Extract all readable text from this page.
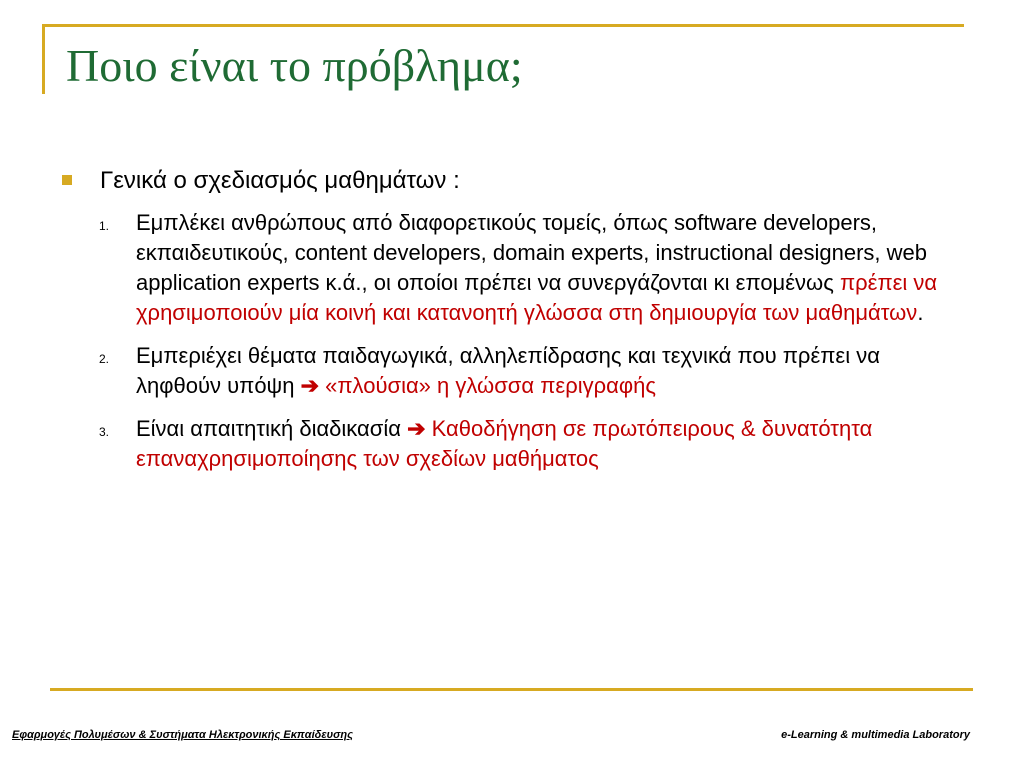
Ποιο είναι το πρόβλημα;
Γενικά ο σχεδιασμός μαθημάτων :
1.	Εμπλέκει ανθρώπους από διαφορετικούς τομείς, όπως software developers, εκπαιδευτικούς, content developers, domain experts, instructional designers, web application experts κ.ά., οι οποίοι πρέπει να συνεργάζονται κι επομένως πρέπει να χρησιμοποιούν μία κοινή και κατανοητή γλώσσα στη δημιουργία των μαθημάτων.
2.	Εμπεριέχει θέματα παιδαγωγικά, αλληλεπίδρασης και τεχνικά που πρέπει να ληφθούν υπόψη ➔ «πλούσια» η γλώσσα περιγραφής
3.	Είναι απαιτητική διαδικασία ➔ Καθοδήγηση σε πρωτόπειρους & δυνατότητα επαναχρησιμοποίησης των σχεδίων μαθήματος
Εφαρμογές Πολυμέσων & Συστήματα Ηλεκτρονικής Εκπαίδευσης	e-Learning & multimedia Laboratory
